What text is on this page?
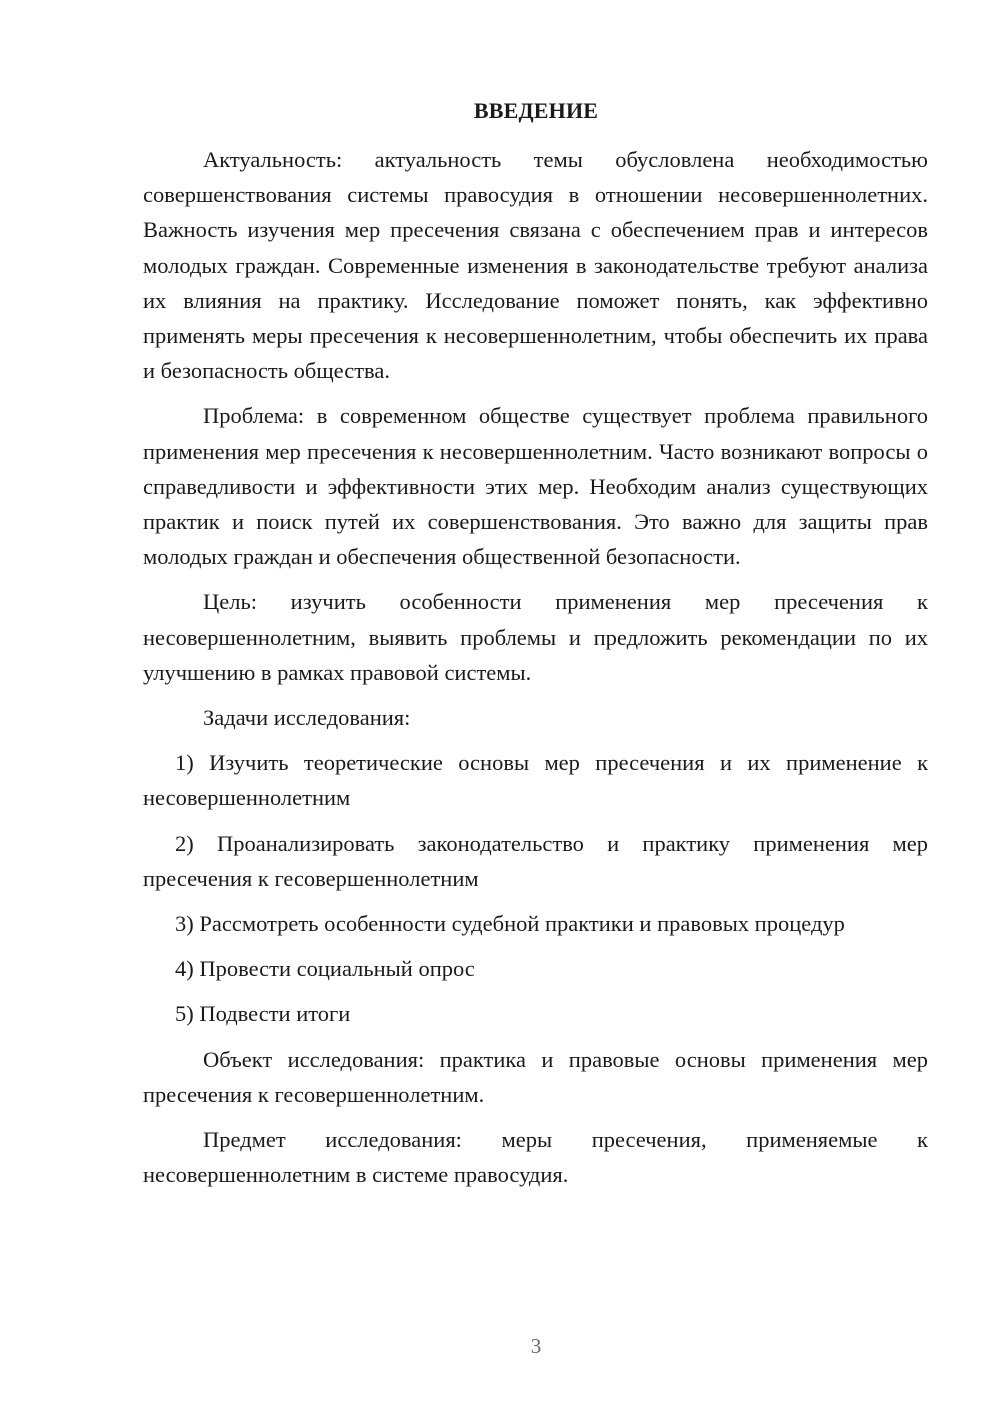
ВВЕДЕНИЕ

Актуальность: актуальность темы обусловлена необходимостью совершенствования системы правосудия в отношении несовершеннолетних. Важность изучения мер пресечения связана с обеспечением прав и интересов молодых граждан. Современные изменения в законодательстве требуют анализа их влияния на практику. Исследование поможет понять, как эффективно применять меры пресечения к несовершеннолетним, чтобы обеспечить их права и безопасность общества.

Проблема: в современном обществе существует проблема правильного применения мер пресечения к несовершеннолетним. Часто возникают вопросы о справедливости и эффективности этих мер. Необходим анализ существующих практик и поиск путей их совершенствования. Это важно для защиты прав молодых граждан и обеспечения общественной безопасности.

Цель: изучить особенности применения мер пресечения к несовершеннолетним, выявить проблемы и предложить рекомендации по их улучшению в рамках правовой системы.

Задачи исследования:

1) Изучить теоретические основы мер пресечения и их применение к несовершеннолетним

2) Проанализировать законодательство и практику применения мер пресечения к гесовершеннолетним

3) Рассмотреть особенности судебной практики и правовых процедур

4) Провести социальный опрос

5) Подвести итоги

Объект исследования: практика и правовые основы применения мер пресечения к гесовершеннолетним.

Предмет исследования: меры пресечения, применяемые к несовершеннолетним в системе правосудия.

3
